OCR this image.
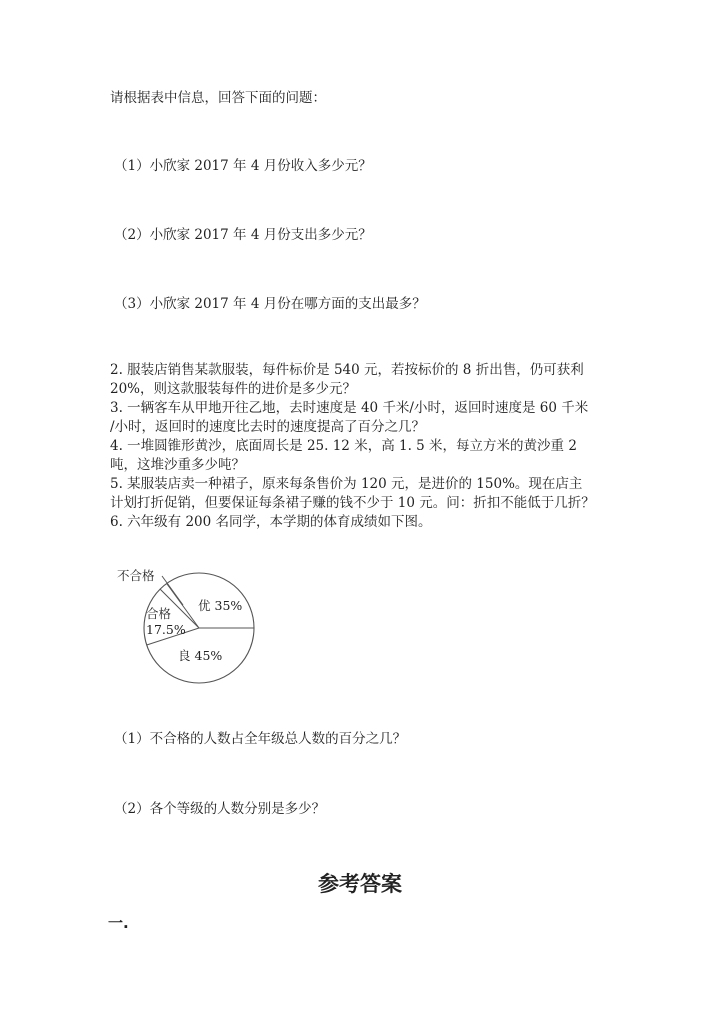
请根据表中信息，回答下面的问题：
（1）小欣家 2017 年 4 月份收入多少元？
（2）小欣家 2017 年 4 月份支出多少元？
（3）小欣家 2017 年 4 月份在哪方面的支出最多？
2. 服装店销售某款服装，每件标价是 540 元，若按标价的 8 折出售，仍可获利
20%，则这款服装每件的进价是多少元？
3. 一辆客车从甲地开往乙地，去时速度是 40 千米/小时，返回时速度是 60 千米
/小时，返回时的速度比去时的速度提高了百分之几？
4. 一堆圆锥形黄沙，底面周长是 25. 12 米，高 1. 5 米，每立方米的黄沙重 2
吨，这堆沙重多少吨？
5. 某服装店卖一种裙子，原来每条售价为 120 元，是进价的 150%。现在店主
计划打折促销，但要保证每条裙子赚的钱不少于 10 元。问：折扣不能低于几折？
6. 六年级有 200 名同学，本学期的体育成绩如下图。
不合格
合格
17.5%
优 35%
良 45%
（1）不合格的人数占全年级总人数的百分之几？
（2）各个等级的人数分别是多少？
参考答案
一.
